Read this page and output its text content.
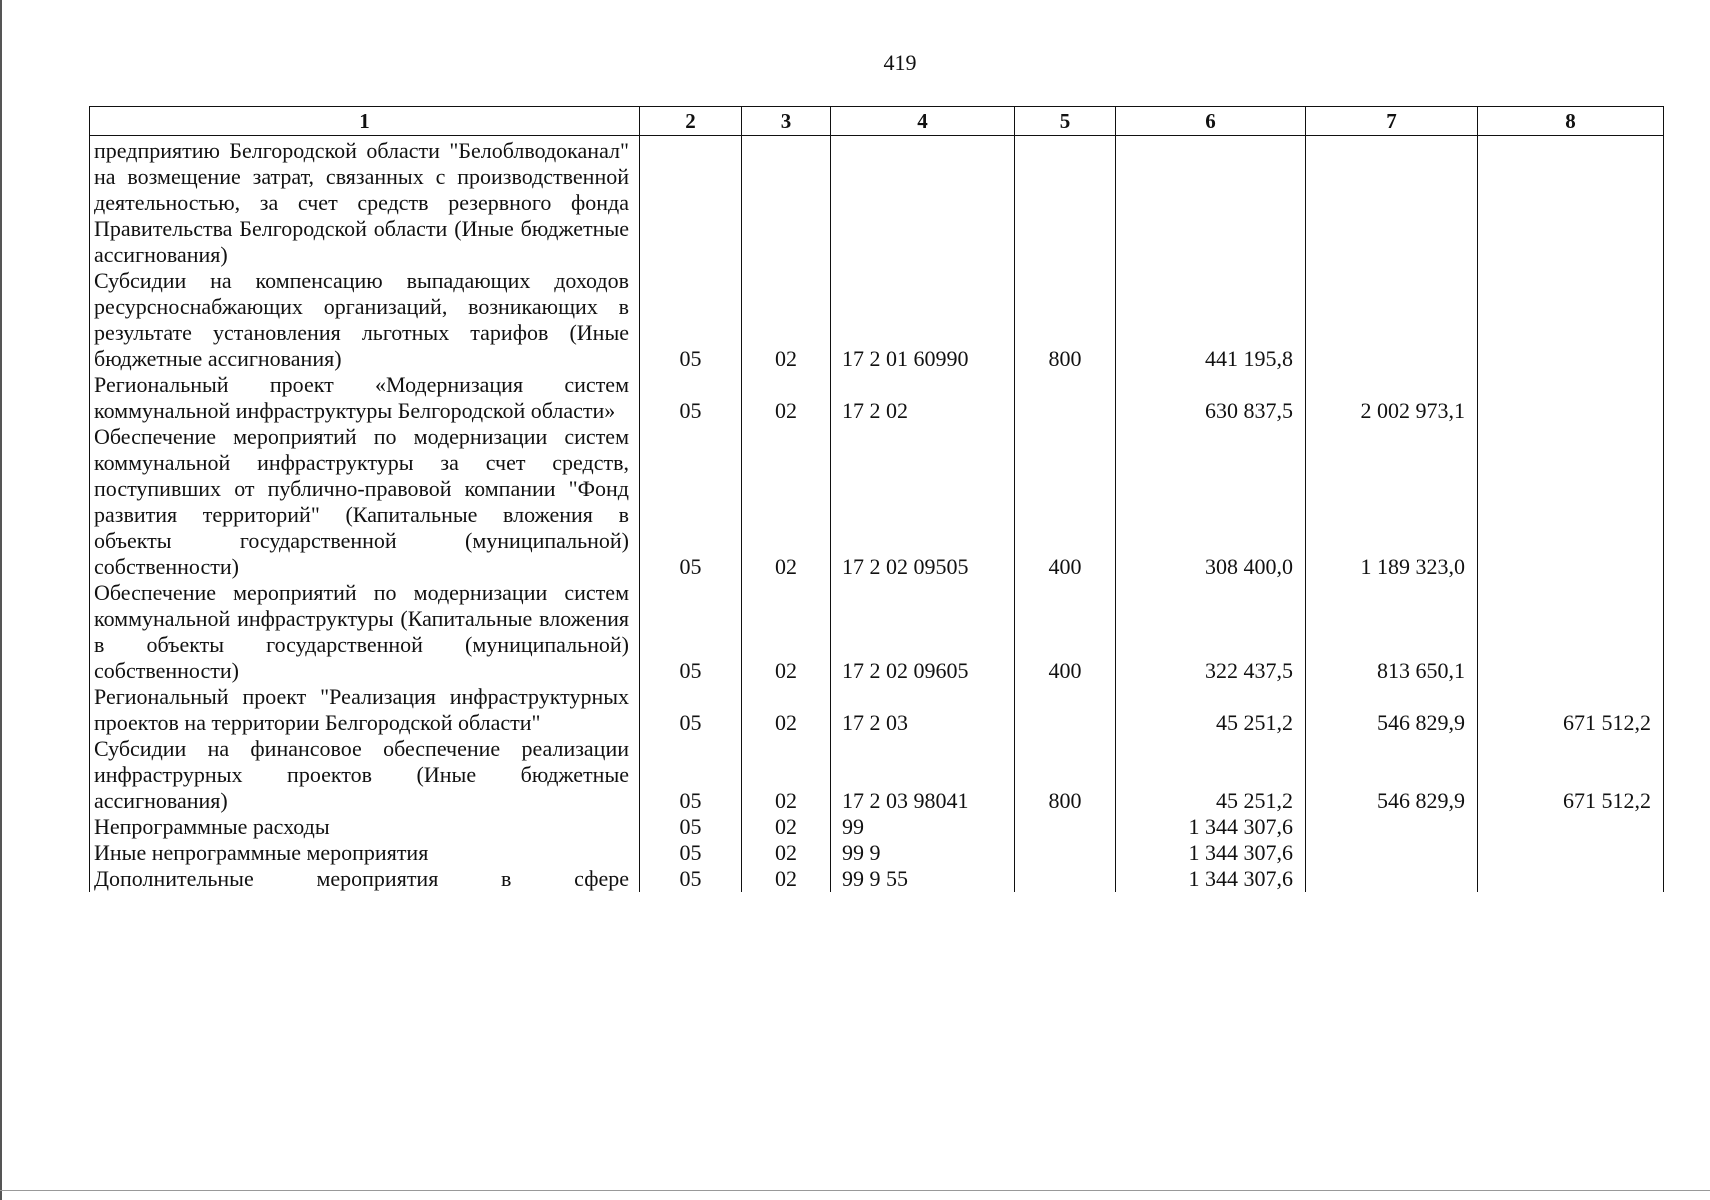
419
1	2	3	4	5	6	7	8
предприятию Белгородской области "Белоблводоканал" на возмещение затрат, связанных с производственной деятельностью, за счет средств резервного фонда Правительства Белгородской области (Иные бюджетные ассигнования)							
Субсидии на компенсацию выпадающих доходов ресурсноснабжающих организаций, возникающих в результате установления льготных тарифов (Иные бюджетные ассигнования)	05	02	17 2 01 60990	800	441 195,8		
Региональный проект «Модернизация систем коммунальной инфраструктуры Белгородской области»	05	02	17 2 02		630 837,5	2 002 973,1	
Обеспечение мероприятий по модернизации систем коммунальной инфраструктуры за счет средств, поступивших от публично-правовой компании "Фонд развития территорий" (Капитальные вложения в объекты государственной (муниципальной) собственности)	05	02	17 2 02 09505	400	308 400,0	1 189 323,0	
Обеспечение мероприятий по модернизации систем коммунальной инфраструктуры (Капитальные вложения в объекты государственной (муниципальной) собственности)	05	02	17 2 02 09605	400	322 437,5	813 650,1	
Региональный проект "Реализация инфраструктурных проектов на территории Белгородской области"	05	02	17 2 03		45 251,2	546 829,9	671 512,2
Субсидии на финансовое обеспечение реализации инфраструрных проектов (Иные бюджетные ассигнования)	05	02	17 2 03 98041	800	45 251,2	546 829,9	671 512,2
Непрограммные расходы	05	02	99		1 344 307,6		
Иные непрограммные мероприятия	05	02	99 9		1 344 307,6		
Дополнительные мероприятия в сфере	05	02	99 9 55		1 344 307,6		
